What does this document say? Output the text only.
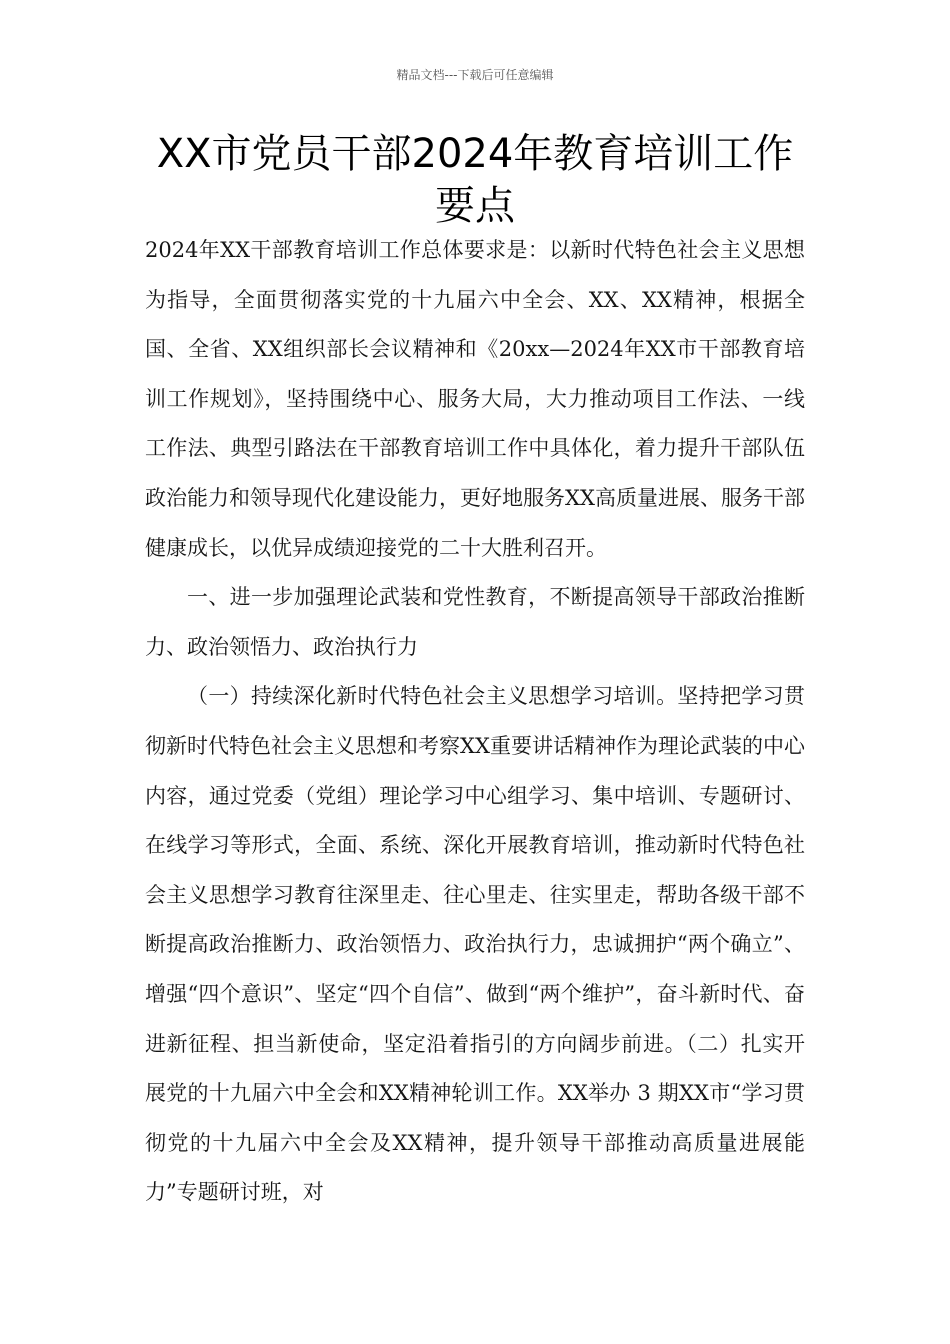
精品文档---下载后可任意编辑
XX市党员干部2024年教育培训工作要点

2024年XX干部教育培训工作总体要求是：以新时代特色社会主义思想为指导，全面贯彻落实党的十九届六中全会、XX、XX精神，根据全国、全省、XX组织部长会议精神和《20xx—2024年XX市干部教育培训工作规划》，坚持围绕中心、服务大局，大力推动项目工作法、一线工作法、典型引路法在干部教育培训工作中具体化，着力提升干部队伍政治能力和领导现代化建设能力，更好地服务XX高质量进展、服务干部健康成长，以优异成绩迎接党的二十大胜利召开。

一、进一步加强理论武装和党性教育，不断提高领导干部政治推断力、政治领悟力、政治执行力

（一）持续深化新时代特色社会主义思想学习培训。坚持把学习贯彻新时代特色社会主义思想和考察XX重要讲话精神作为理论武装的中心内容，通过党委（党组）理论学习中心组学习、集中培训、专题研讨、在线学习等形式，全面、系统、深化开展教育培训，推动新时代特色社会主义思想学习教育往深里走、往心里走、往实里走，帮助各级干部不断提高政治推断力、政治领悟力、政治执行力，忠诚拥护“两个确立”、增强“四个意识”、坚定“四个自信”、做到“两个维护”，奋斗新时代、奋进新征程、担当新使命，坚定沿着指引的方向阔步前进。（二）扎实开展党的十九届六中全会和XX精神轮训工作。XX举办 3 期XX市“学习贯彻党的十九届六中全会及XX精神，提升领导干部推动高质量进展能力”专题研讨班，对
